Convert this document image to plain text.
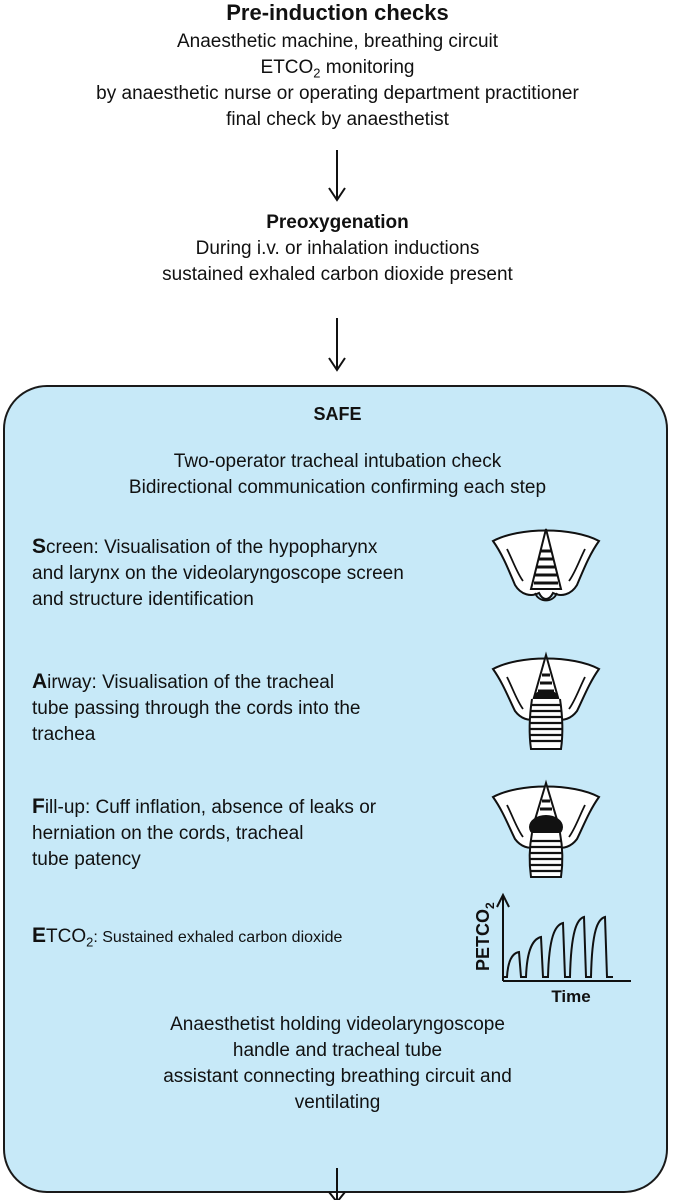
Pre-induction checks
Anaesthetic machine, breathing circuit
$ETCO_2$ monitoring
by anaesthetic nurse or operating department practitioner
final check by anaesthetist
Preoxygenation
During i.v. or inhalation inductions
sustained exhaled carbon dioxide present
SAFE
Two-operator tracheal intubation check
Bidirectional communication confirming each step
Screen: Visualisation of the hypopharynx
and larynx on the videolaryngoscope screen
and structure identification
Airway: Visualisation of the tracheal
tube passing through the cords into the
trachea
Fill-up: Cuff inflation, absence of leaks or
herniation on the cords, tracheal
tube patency
$ETCO_2$: Sustained exhaled carbon dioxide	$PETCO_2$
Time
Anaesthetist holding videolaryngoscope
handle and tracheal tube
assistant connecting breathing circuit and
ventilating
